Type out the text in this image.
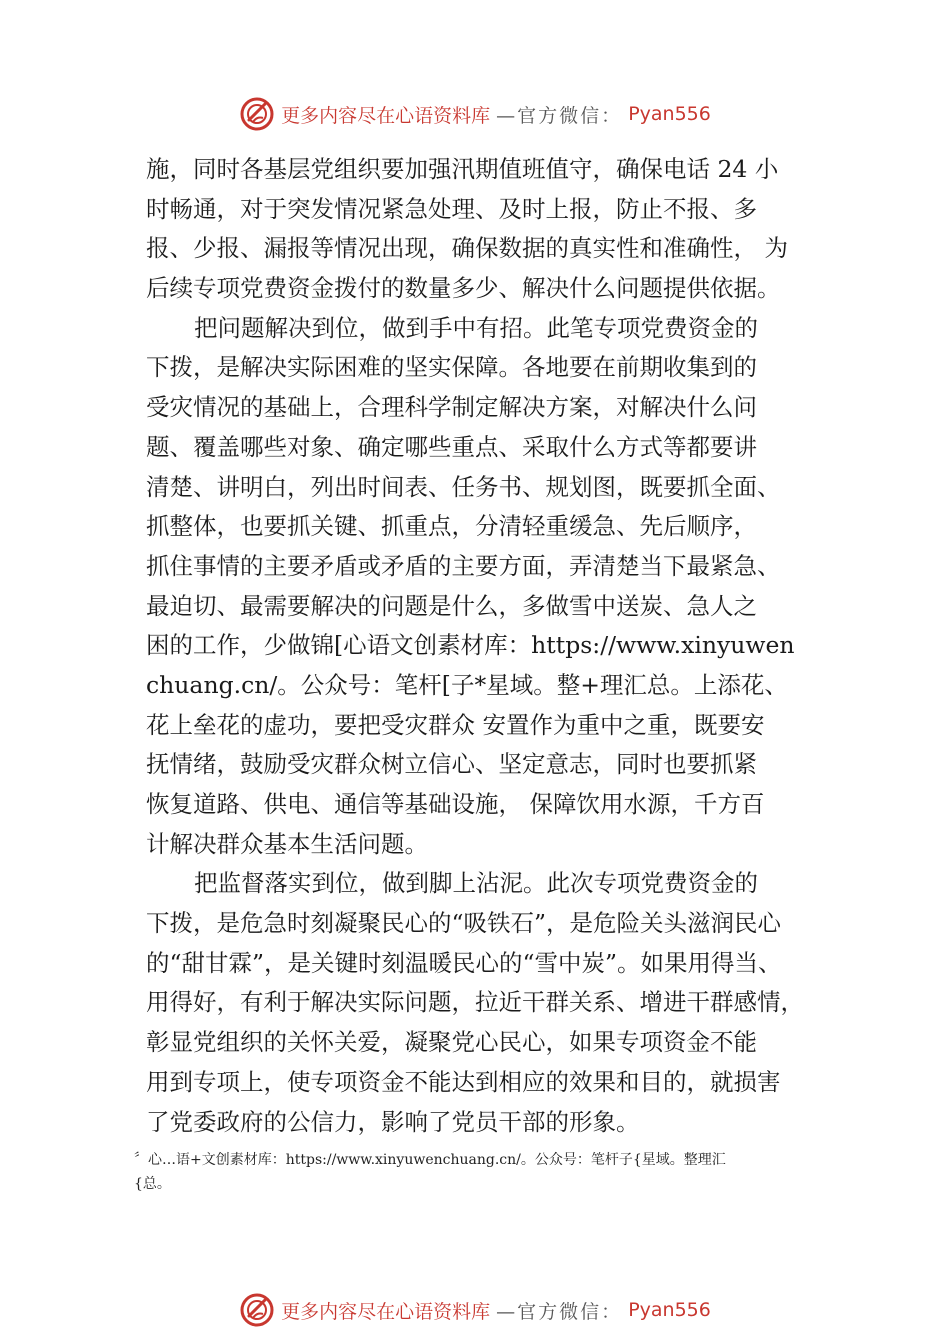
更多内容尽在心语资料库 —官方微信： Pyan556
施，同时各基层党组织要加强汛期值班值守，确保电话 24 小
时畅通，对于突发情况紧急处理、及时上报，防止不报、多
报、少报、漏报等情况出现，确保数据的真实性和准确性， 为
后续专项党费资金拨付的数量多少、解决什么问题提供依据。
把问题解决到位，做到手中有招。此笔专项党费资金的
下拨，是解决实际困难的坚实保障。各地要在前期收集到的
受灾情况的基础上，合理科学制定解决方案，对解决什么问
题、覆盖哪些对象、确定哪些重点、采取什么方式等都要讲
清楚、讲明白，列出时间表、任务书、规划图，既要抓全面、
抓整体，也要抓关键、抓重点，分清轻重缓急、先后顺序，
抓住事情的主要矛盾或矛盾的主要方面，弄清楚当下最紧急、
最迫切、最需要解决的问题是什么，多做雪中送炭、急人之
困的工作，少做锦[心语文创素材库：https://www.xinyuwen
chuang.cn/。公众号：笔杆[子*星域。整+理汇总。上添花、
花上垒花的虚功，要把受灾群众 安置作为重中之重，既要安
抚情绪，鼓励受灾群众树立信心、坚定意志，同时也要抓紧
恢复道路、供电、通信等基础设施， 保障饮用水源，千方百
计解决群众基本生活问题。
把监督落实到位，做到脚上沾泥。此次专项党费资金的
下拨，是危急时刻凝聚民心的“吸铁石”，是危险关头滋润民心
的“甜甘霖”，是关键时刻温暖民心的“雪中炭”。如果用得当、
用得好，有利于解决实际问题，拉近干群关系、增进干群感情，
彰显党组织的关怀关爱，凝聚党心民心，如果专项资金不能
用到专项上，使专项资金不能达到相应的效果和目的，就损害
了党委政府的公信力，影响了党员干部的形象。
〞心…语+文创素材库：https://www.xinyuwenchuang.cn/。公众号：笔杆子{星域。整理汇
{总。
更多内容尽在心语资料库 —官方微信： Pyan556
